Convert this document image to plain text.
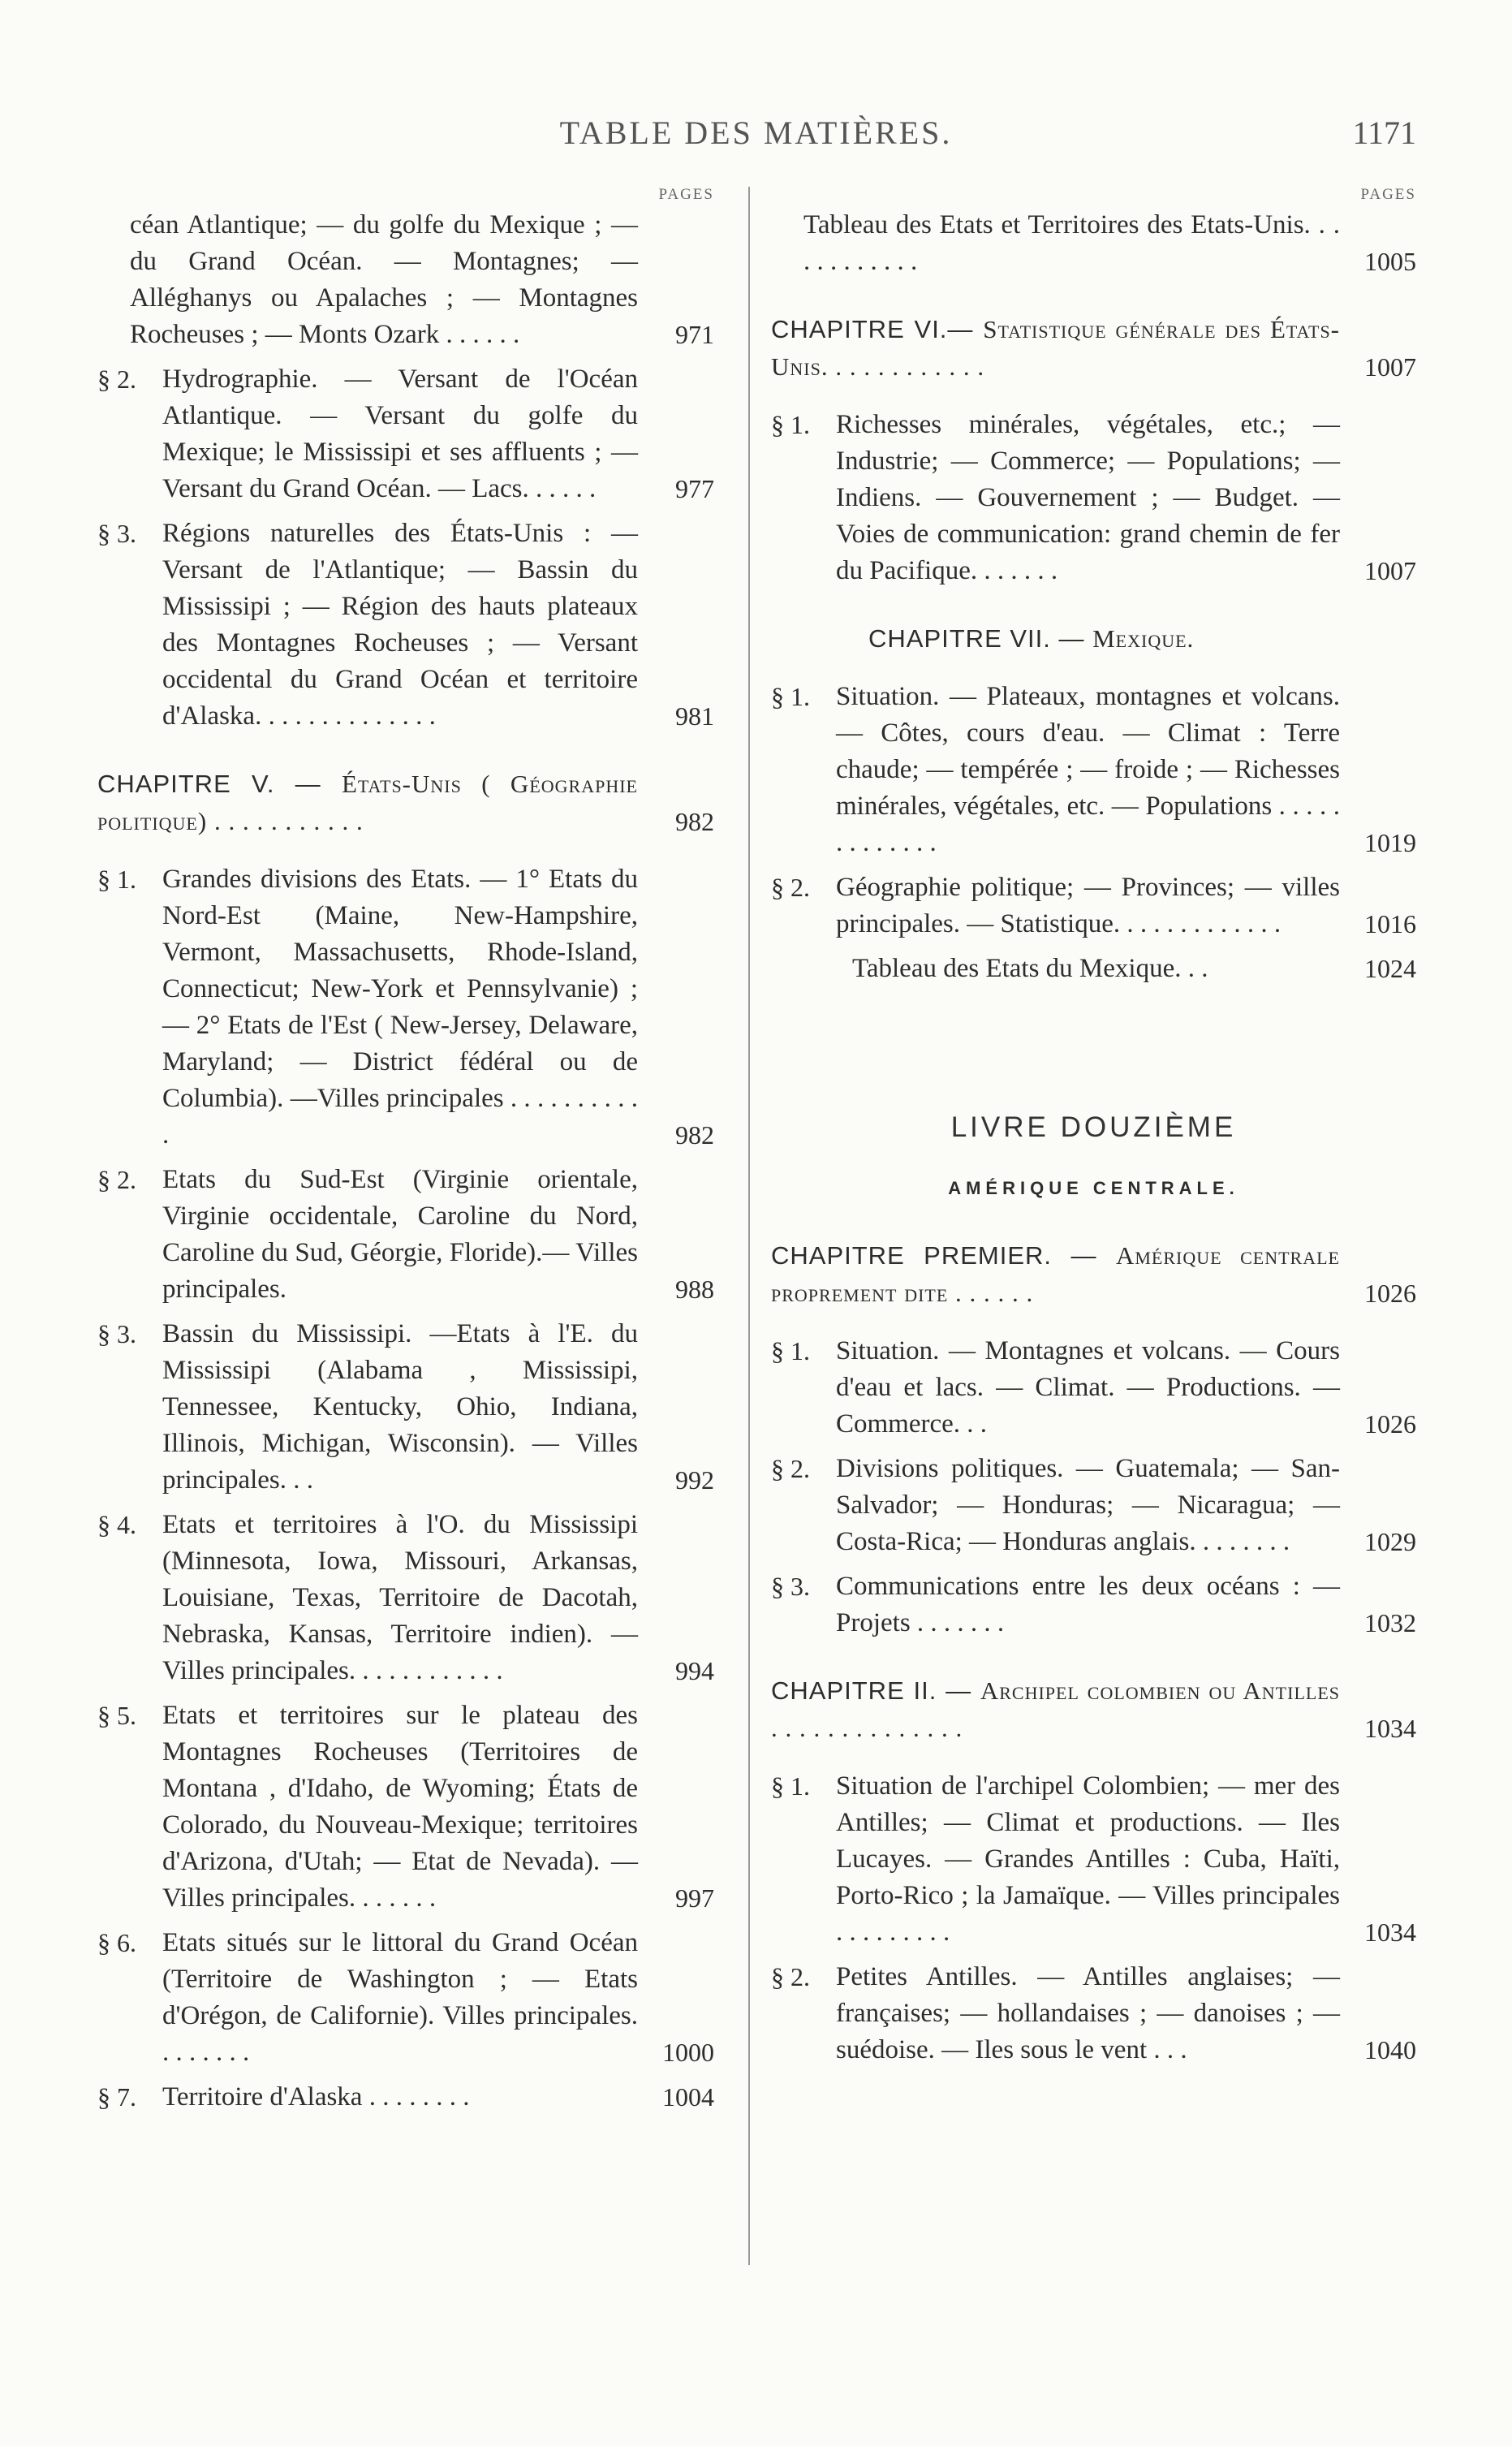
TABLE DES MATIÈRES.	1171
PAGES
céan Atlantique; — du golfe du Mexique ; — du Grand Océan. — Montagnes; — Alléghanys ou Apalaches ; — Montagnes Rocheuses ; — Monts Ozark . . . . . .	971
§ 2. Hydrographie. — Versant de l'Océan Atlantique. — Versant du golfe du Mexique; le Mississipi et ses affluents ; — Versant du Grand Océan. — Lacs. . . . . .	977
§ 3. Régions naturelles des États-Unis : — Versant de l'Atlantique; — Bassin du Mississipi ; — Région des hauts plateaux des Montagnes Rocheuses ; — Versant occidental du Grand Océan et territoire d'Alaska. . . . . . . . . . . . . .	981
CHAPITRE V. — États-Unis ( Géographie politique) . . . . . . . . . . .	982
§ 1. Grandes divisions des Etats. — 1° Etats du Nord-Est (Maine, New-Hampshire, Vermont, Massachusetts, Rhode-Island, Connecticut; New-York et Pennsylvanie) ; — 2° Etats de l'Est ( New-Jersey, Delaware, Maryland; — District fédéral ou de Columbia). —Villes principales . . . . . . . . . . .	982
§ 2. Etats du Sud-Est (Virginie orientale, Virginie occidentale, Caroline du Nord, Caroline du Sud, Géorgie, Floride).— Villes principales.	988
§ 3. Bassin du Mississipi. —Etats à l'E. du Mississipi (Alabama , Mississipi, Tennessee, Kentucky, Ohio, Indiana, Illinois, Michigan, Wisconsin). — Villes principales. . .	992
§ 4. Etats et territoires à l'O. du Mississipi (Minnesota, Iowa, Missouri, Arkansas, Louisiane, Texas, Territoire de Dacotah, Nebraska, Kansas, Territoire indien). — Villes principales. . . . . . . . . . . .	994
§ 5. Etats et territoires sur le plateau des Montagnes Rocheuses (Territoires de Montana , d'Idaho, de Wyoming; États de Colorado, du Nouveau-Mexique; territoires d'Arizona, d'Utah; — Etat de Nevada). — Villes principales. . . . . . .	997
§ 6. Etats situés sur le littoral du Grand Océan (Territoire de Washington ; — Etats d'Orégon, de Californie). Villes principales. . . . . . . .	1000
§ 7. Territoire d'Alaska . . . . . . . .	1004
PAGES
Tableau des Etats et Territoires des Etats-Unis. . . . . . . . . . . .	1005
CHAPITRE VI.— Statistique générale des États-Unis. . . . . . . . . . . .	1007
§ 1. Richesses minérales, végétales, etc.; — Industrie; — Commerce; — Populations; — Indiens. — Gouvernement ; — Budget. — Voies de communication: grand chemin de fer du Pacifique. . . . . . .	1007
CHAPITRE VII. — Mexique.
§ 1. Situation. — Plateaux, montagnes et volcans. — Côtes, cours d'eau. — Climat : Terre chaude; — tempérée ; — froide ; — Richesses minérales, végétales, etc. — Populations . . . . . . . . . . . . .	1019
§ 2. Géographie politique; — Provinces; — villes principales. — Statistique. . . . . . . . . . . . .	1016
Tableau des Etats du Mexique. . .	1024
LIVRE DOUZIÈME
AMÉRIQUE CENTRALE.
CHAPITRE PREMIER. — Amérique centrale proprement dite . . . . . .	1026
§ 1. Situation. — Montagnes et volcans. — Cours d'eau et lacs. — Climat. — Productions. — Commerce. . .	1026
§ 2. Divisions politiques. — Guatemala; — San-Salvador; — Honduras; — Nicaragua; — Costa-Rica; — Honduras anglais. . . . . . . .	1029
§ 3. Communications entre les deux océans : — Projets . . . . . . .	1032
CHAPITRE II. — Archipel colombien ou Antilles . . . . . . . . . . . . . .	1034
§ 1. Situation de l'archipel Colombien; — mer des Antilles; — Climat et productions. — Iles Lucayes. — Grandes Antilles : Cuba, Haïti, Porto-Rico ; la Jamaïque. — Villes principales . . . . . . . . .	1034
§ 2. Petites Antilles. — Antilles anglaises; — françaises; — hollandaises ; — danoises ; — suédoise. — Iles sous le vent . . .	1040
